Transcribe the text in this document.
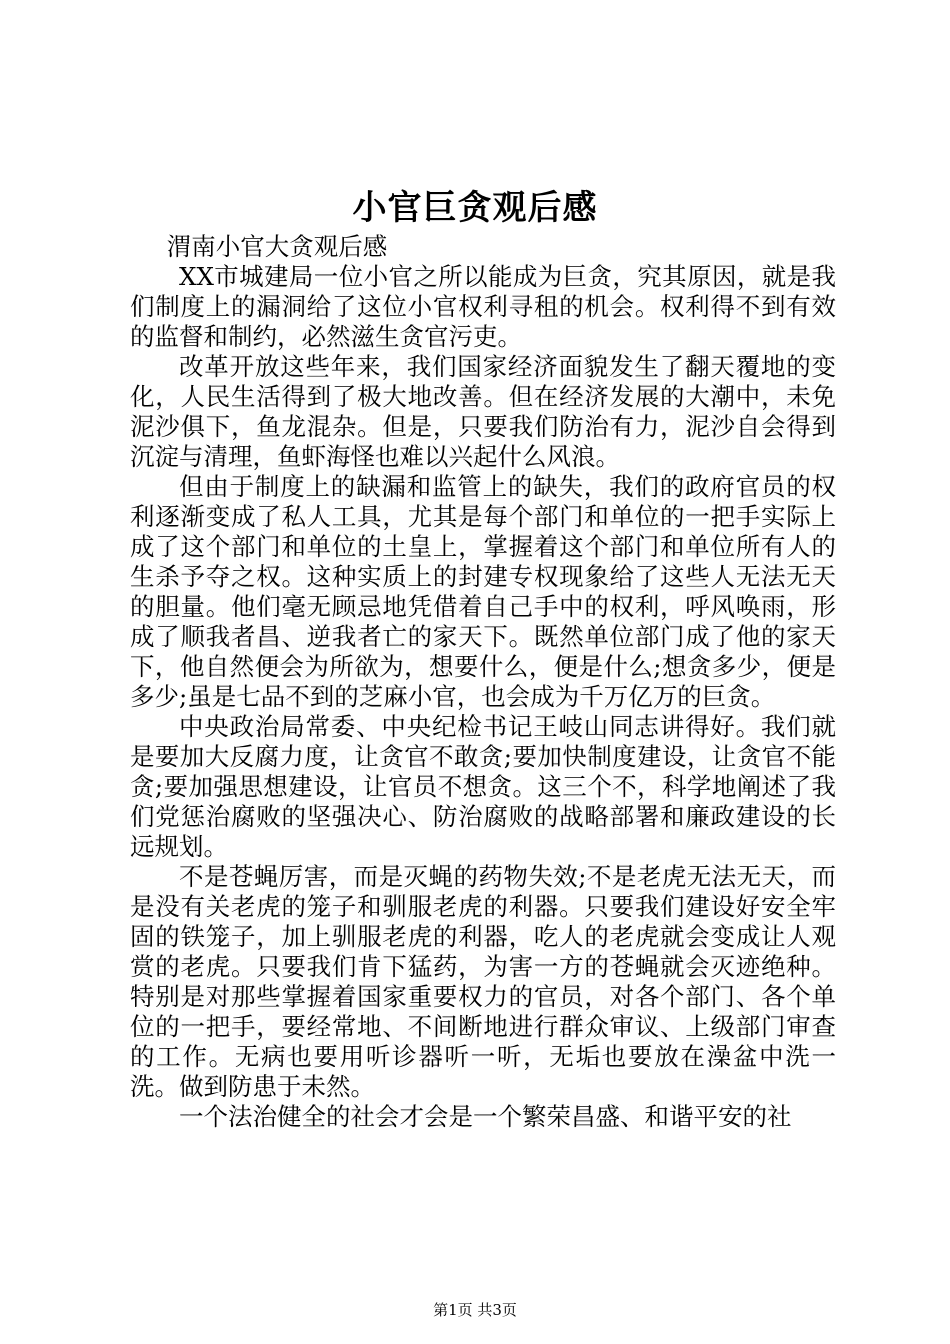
小官巨贪观后感

渭南小官大贪观后感

XX市城建局一位小官之所以能成为巨贪，究其原因，就是我们制度上的漏洞给了这位小官权利寻租的机会。权利得不到有效的监督和制约，必然滋生贪官污吏。

改革开放这些年来，我们国家经济面貌发生了翻天覆地的变化，人民生活得到了极大地改善。但在经济发展的大潮中，未免泥沙俱下，鱼龙混杂。但是，只要我们防治有力，泥沙自会得到沉淀与清理，鱼虾海怪也难以兴起什么风浪。

但由于制度上的缺漏和监管上的缺失，我们的政府官员的权利逐渐变成了私人工具，尤其是每个部门和单位的一把手实际上成了这个部门和单位的土皇上，掌握着这个部门和单位所有人的生杀予夺之权。这种实质上的封建专权现象给了这些人无法无天的胆量。他们毫无顾忌地凭借着自己手中的权利，呼风唤雨，形成了顺我者昌、逆我者亡的家天下。既然单位部门成了他的家天下，他自然便会为所欲为，想要什么，便是什么;想贪多少，便是多少;虽是七品不到的芝麻小官，也会成为千万亿万的巨贪。

中央政治局常委、中央纪检书记王岐山同志讲得好。我们就是要加大反腐力度，让贪官不敢贪;要加快制度建设，让贪官不能贪;要加强思想建设，让官员不想贪。这三个不，科学地阐述了我们党惩治腐败的坚强决心、防治腐败的战略部署和廉政建设的长远规划。

不是苍蝇厉害，而是灭蝇的药物失效;不是老虎无法无天，而是没有关老虎的笼子和驯服老虎的利器。只要我们建设好安全牢固的铁笼子，加上驯服老虎的利器，吃人的老虎就会变成让人观赏的老虎。只要我们肯下猛药，为害一方的苍蝇就会灭迹绝种。特别是对那些掌握着国家重要权力的官员，对各个部门、各个单位的一把手，要经常地、不间断地进行群众审议、上级部门审查的工作。无病也要用听诊器听一听，无垢也要放在澡盆中洗一洗。做到防患于未然。

一个法治健全的社会才会是一个繁荣昌盛、和谐平安的社

第1页 共3页
